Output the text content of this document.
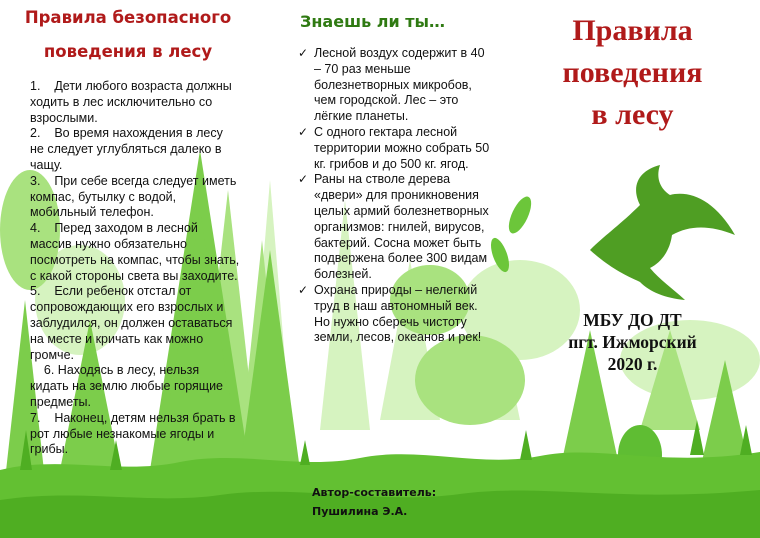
Правила безопасного
поведения в лесу

1.    Дети любого возраста должны ходить в лес исключительно со взрослыми.

2.    Во время нахождения в лесу не следует углубляться далеко в чащу.

3.    При себе всегда следует иметь компас, бутылку с водой, мобильный телефон.

4.    Перед заходом в лесной массив нужно обязательно посмотреть на компас, чтобы знать, с какой стороны света вы заходите.

5.    Если ребенок отстал от сопровождающих его взрослых и заблудился, он должен оставаться на месте и кричать как можно громче.

6. Находясь в лесу, нельзя кидать на землю любые горящие предметы.

7.    Наконец, детям нельзя брать в рот любые незнакомые ягоды и грибы.

Знаешь ли ты…
✓ Лесной воздух содержит в 40 – 70 раз меньше болезнетворных микробов, чем городской. Лес – это лёгкие планеты.
✓ С одного гектара лесной территории можно собрать 50 кг. грибов и до 500 кг. ягод.
✓ Раны на стволе дерева «двери» для проникновения целых армий болезнетворных организмов: гнилей, вирусов, бактерий. Сосна может быть подвержена более 300 видам болезней.
✓ Охрана природы – нелегкий труд в наш автономный век. Но нужно сберечь чистоту земли, лесов, океанов и рек!
Автор-составитель:
Пушилина Э.А.
Правила
поведения
в лесу
МБУ ДО ДТ
пгт. Ижморский
2020 г.
